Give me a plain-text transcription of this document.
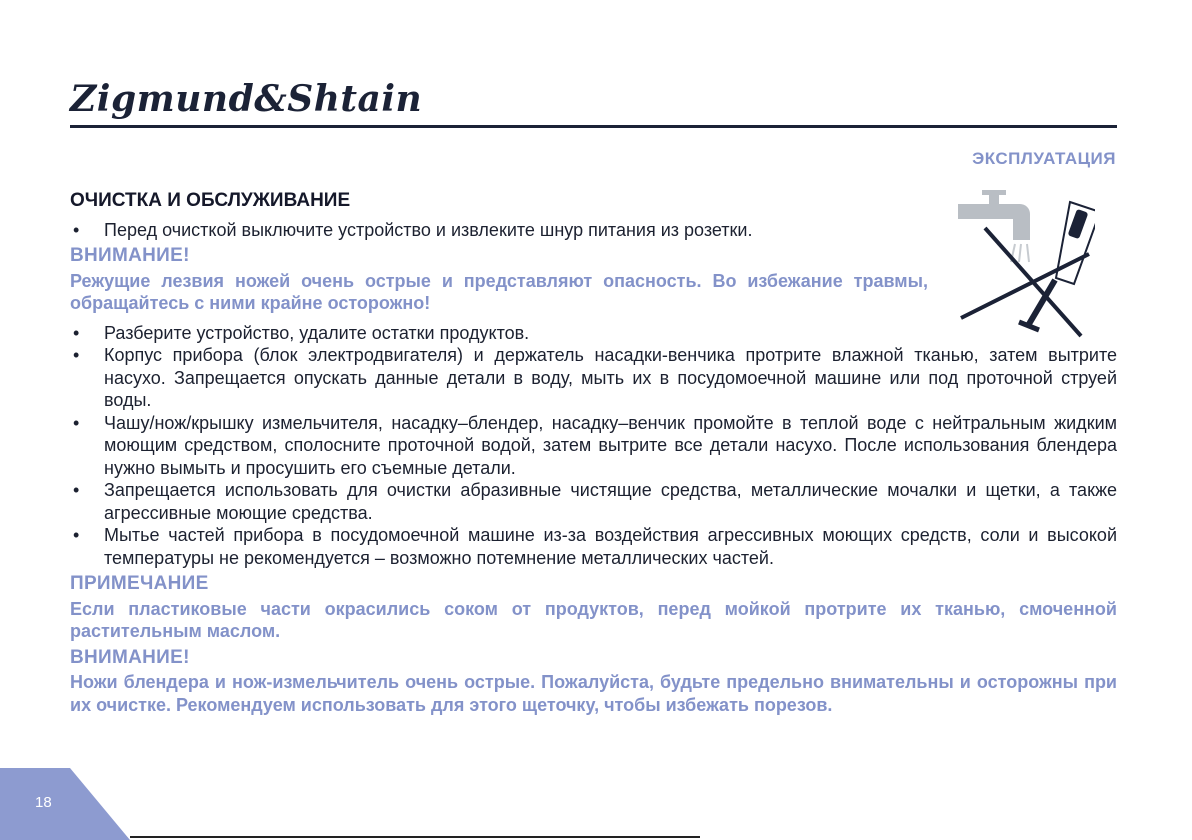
Zigmund&Shtain
ЭКСПЛУАТАЦИЯ
ОЧИСТКА И ОБСЛУЖИВАНИЕ
• Перед очисткой выключите устройство и извлеките шнур питания из розетки.
ВНИМАНИЕ!
Режущие лезвия ножей очень острые и представляют опасность. Во избежание травмы, обращайтесь с ними крайне осторожно!
• Разберите устройство, удалите остатки продуктов.
• Корпус прибора (блок электродвигателя) и держатель насадки-венчика протрите влажной тканью, затем вытрите насухо. Запрещается опускать данные детали в воду, мыть их в посудомоечной машине или под проточной струей воды.
• Чашу/нож/крышку измельчителя, насадку–блендер, насадку–венчик промойте в теплой воде с нейтральным жидким моющим средством, сполосните проточной водой, затем вытрите все детали насухо. После использования блендера нужно вымыть и просушить его съемные детали.
• Запрещается использовать для очистки абразивные чистящие средства, металлические мочалки и щетки, а также агрессивные моющие средства.
• Мытье частей прибора в посудомоечной машине из-за воздействия агрессивных моющих средств, соли и высокой температуры не рекомендуется – возможно потемнение металлических частей.
ПРИМЕЧАНИЕ
Если пластиковые части окрасились соком от продуктов, перед мойкой протрите их тканью, смоченной растительным маслом.
ВНИМАНИЕ!
Ножи блендера и нож-измельчитель очень острые. Пожалуйста, будьте предельно внимательны и осторожны при их очистке. Рекомендуем использовать для этого щеточку, чтобы избежать порезов.
18
